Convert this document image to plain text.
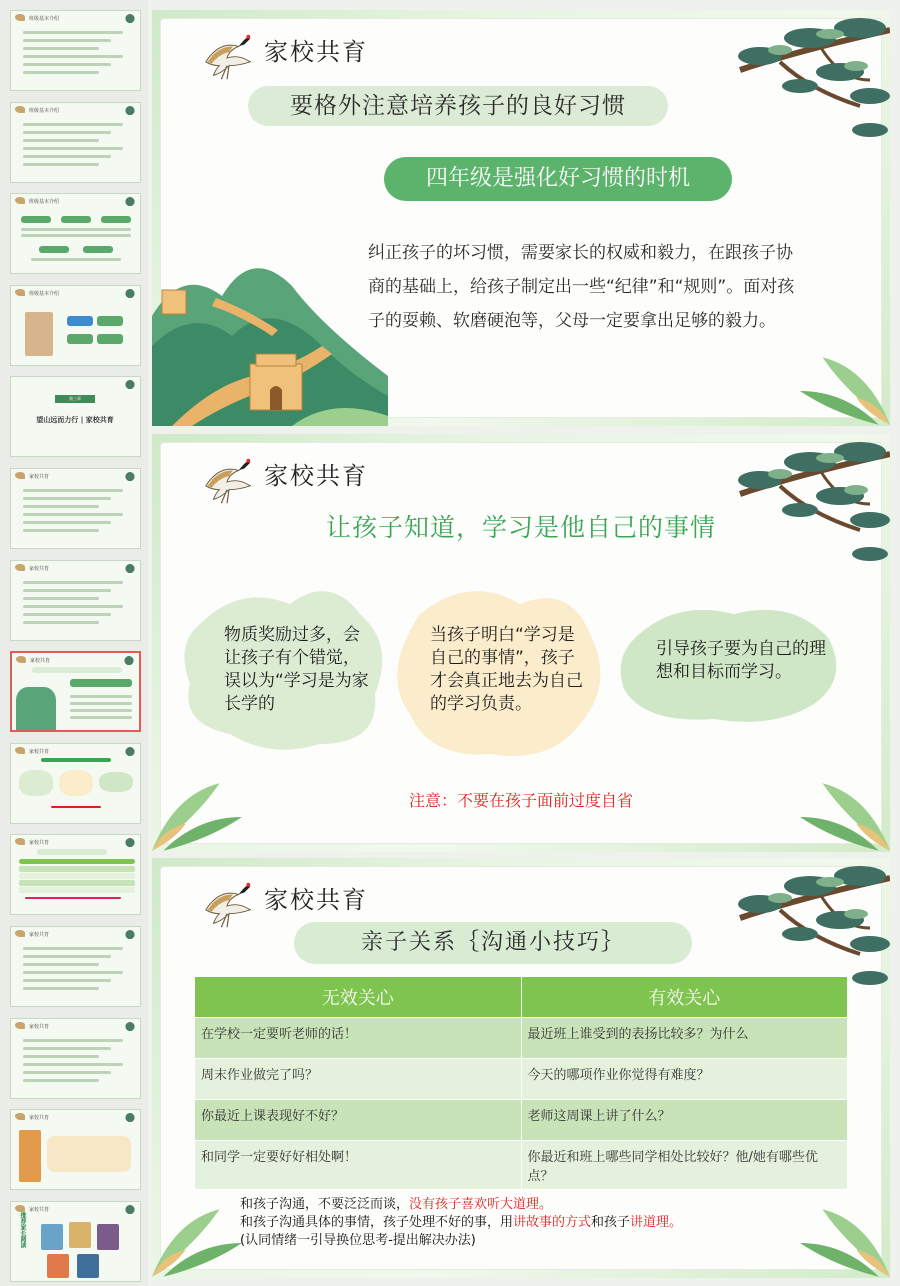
班级基本介绍
班级基本介绍
班级基本介绍
班级基本介绍
第三章
望山远而力行 | 家校共育
家校共育
家校共育
家校共育
家校共育
家校共育
家校共育
家校共育
家校共育
家校共育
推荐家长阅读
家校共育
要格外注意培养孩子的良好习惯
四年级是强化好习惯的时机
纠正孩子的坏习惯，需要家长的权威和毅力，在跟孩子协商的基础上，给孩子制定出一些“纪律”和“规则”。面对孩子的耍赖、软磨硬泡等，父母一定要拿出足够的毅力。
家校共育
让孩子知道，学习是他自己的事情
物质奖励过多，会让孩子有个错觉，误以为“学习是为家长学的
当孩子明白“学习是自己的事情”，孩子才会真正地去为自己的学习负责。
引导孩子要为自己的理想和目标而学习。
注意：不要在孩子面前过度自省
家校共育
亲子关系｛沟通小技巧｝
无效关心	有效关心
在学校一定要听老师的话！	最近班上谁受到的表扬比较多？为什么
周末作业做完了吗？	今天的哪项作业你觉得有难度？
你最近上课表现好不好？	老师这周课上讲了什么？
和同学一定要好好相处啊！	你最近和班上哪些同学相处比较好？他/她有哪些优点？
和孩子沟通，不要泛泛而谈，没有孩子喜欢听大道理。
和孩子沟通具体的事情，孩子处理不好的事，用讲故事的方式和孩子讲道理。
(认同情绪一引导换位思考-提出解决办法)
